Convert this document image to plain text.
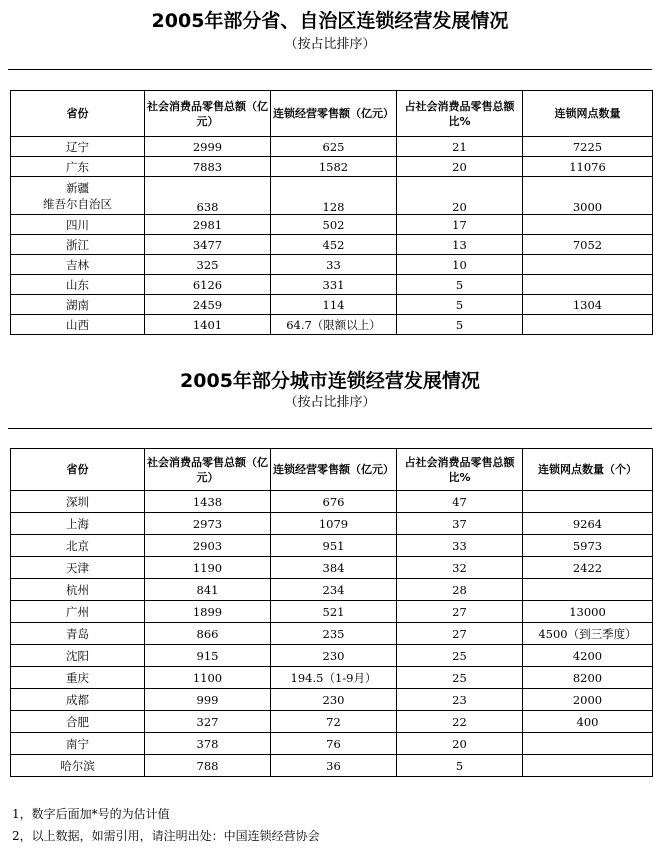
2005年部分省、自治区连锁经营发展情况
（按占比排序）
省份	社会消费品零售总额（亿元）	连锁经营零售额（亿元）	占社会消费品零售总额比%	连锁网点数量
辽宁	2999	625	21	7225
广东	7883	1582	20	11076
新疆
维吾尔自治区	638	128	20	3000
四川	2981	502	17	
浙江	3477	452	13	7052
吉林	325	33	10	
山东	6126	331	5	
湖南	2459	114	5	1304
山西	1401	64.7（限额以上）	5	
2005年部分城市连锁经营发展情况
（按占比排序）
省份	社会消费品零售总额（亿元）	连锁经营零售额（亿元）	占社会消费品零售总额比%	连锁网点数量（个）
深圳	1438	676	47	
上海	2973	1079	37	9264
北京	2903	951	33	5973
天津	1190	384	32	2422
杭州	841	234	28	
广州	1899	521	27	13000
青岛	866	235	27	4500（到三季度）
沈阳	915	230	25	4200
重庆	1100	194.5（1-9月）	25	8200
成都	999	230	23	2000
合肥	327	72	22	400
南宁	378	76	20	
哈尔滨	788	36	5	
1，数字后面加*号的为估计值
2，以上数据，如需引用，请注明出处：中国连锁经营协会
